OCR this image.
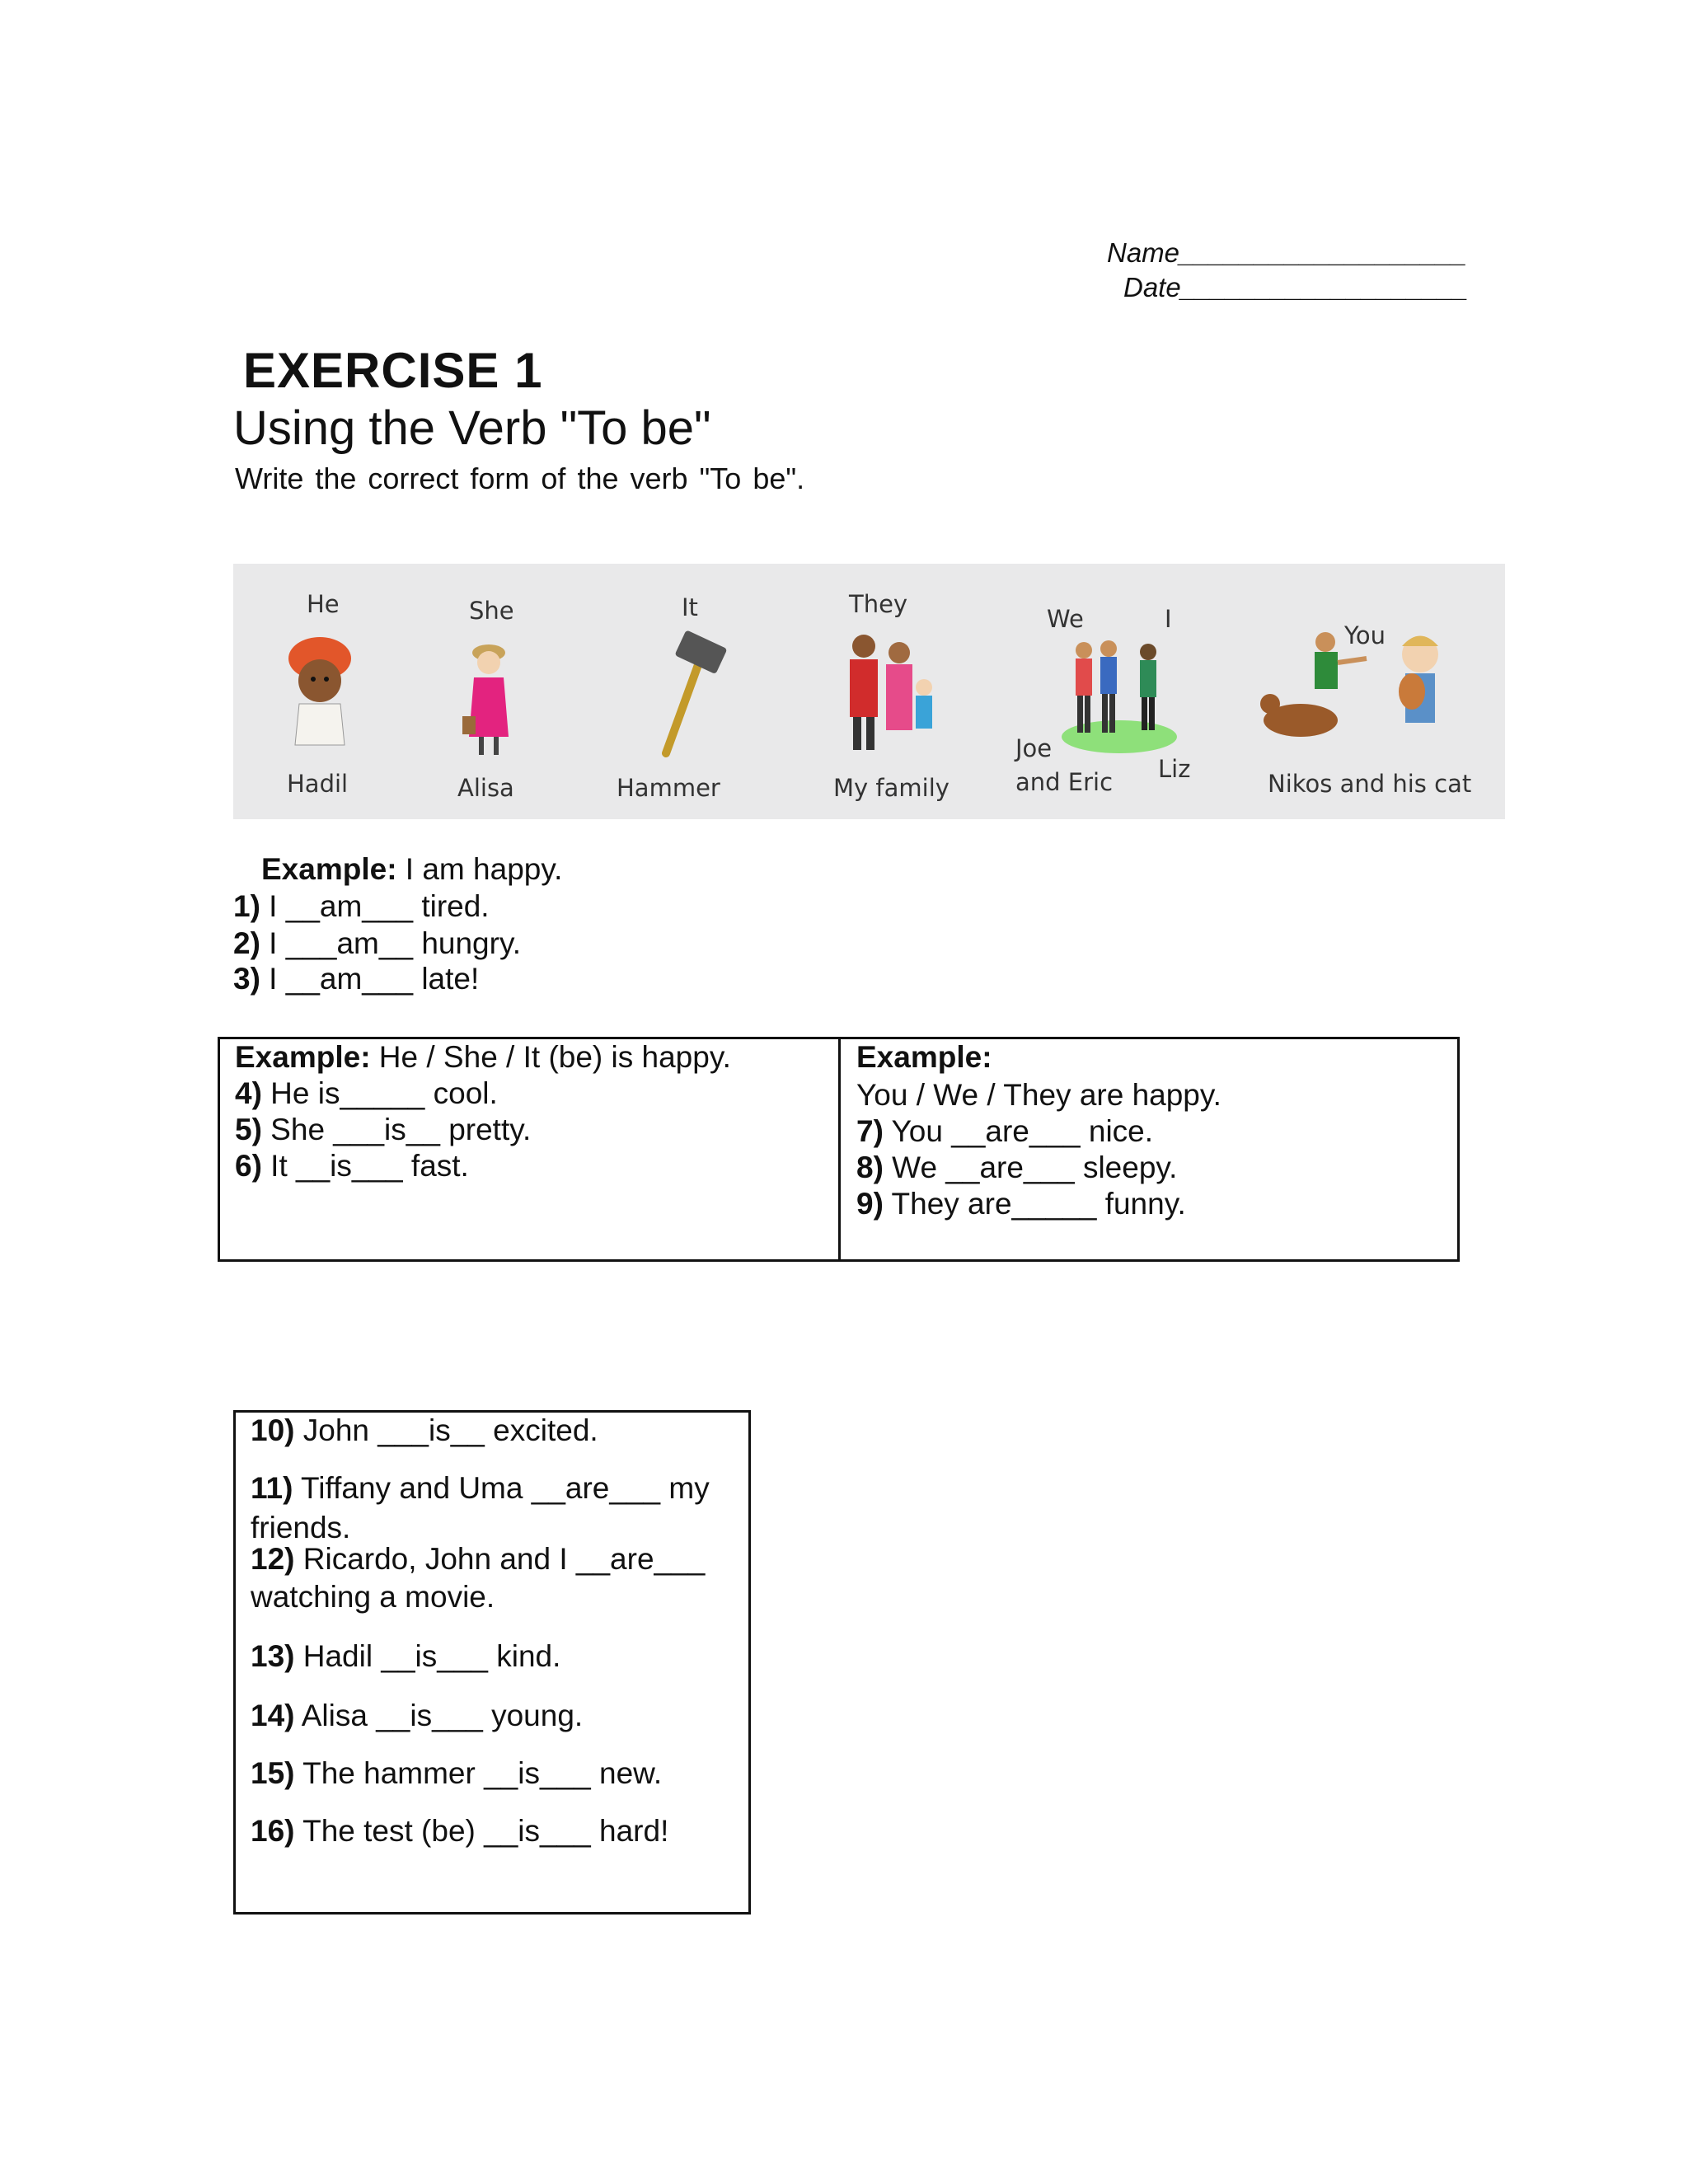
Name___________________
Date___________________
EXERCISE 1
Using the Verb "To be"
Write the correct form of the verb "To be".
He
Hadil
She
Alisa
It
Hammer
They
My family
We	I
Joe
and Eric Liz
You
Nikos and his cat
Example: I am happy.
1) I __am___ tired.
2) I ___am__ hungry.
3) I __am___ late!
Example: He / She / It (be) is happy.
4) He is_____ cool.
5) She ___is__ pretty.
6) It __is___ fast.
Example:
You / We / They are happy.
7) You __are___ nice.
8) We __are___ sleepy.
9) They are_____ funny.
10) John ___is__ excited.
11) Tiffany and Uma __are___ my friends.
12) Ricardo, John and I __are___ watching a movie.
13) Hadil __is___ kind.
14) Alisa __is___ young.
15) The hammer __is___ new.
16) The test (be) __is___ hard!
